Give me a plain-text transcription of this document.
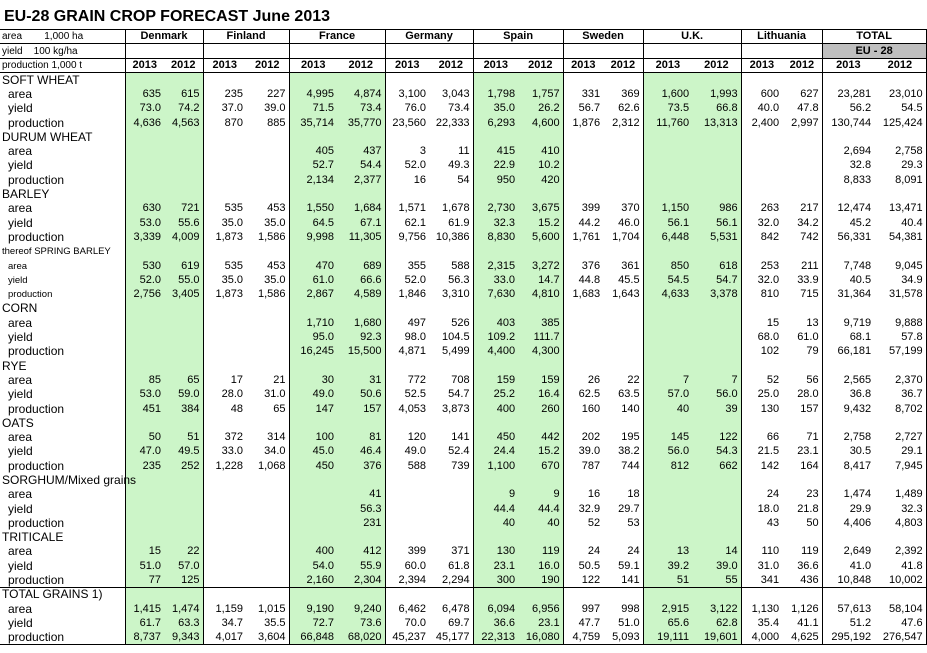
EU-28 GRAIN CROP FORECAST June 2013
area        1,000 ha	Denmark		Finland		France		Germany		Spain		Sweden		U.K.		Lithuania		TOTAL	
yield    100 kg/ha																	EU - 28	
production 1,000 t	2013	2012	2013	2012	2013	2012	2013	2012	2013	2012	2013	2012	2013	2012	2013	2012	2013	2012
SOFT WHEAT																		
area	635	615	235	227	4,995	4,874	3,100	3,043	1,798	1,757	331	369	1,600	1,993	600	627	23,281	23,010
yield	73.0	74.2	37.0	39.0	71.5	73.4	76.0	73.4	35.0	26.2	56.7	62.6	73.5	66.8	40.0	47.8	56.2	54.5
production	4,636	4,563	870	885	35,714	35,770	23,560	22,333	6,293	4,600	1,876	2,312	11,760	13,313	2,400	2,997	130,744	125,424
DURUM WHEAT																		
area					405	437	3	11	415	410							2,694	2,758
yield					52.7	54.4	52.0	49.3	22.9	10.2							32.8	29.3
production					2,134	2,377	16	54	950	420							8,833	8,091
BARLEY																		
area	630	721	535	453	1,550	1,684	1,571	1,678	2,730	3,675	399	370	1,150	986	263	217	12,474	13,471
yield	53.0	55.6	35.0	35.0	64.5	67.1	62.1	61.9	32.3	15.2	44.2	46.0	56.1	56.1	32.0	34.2	45.2	40.4
production	3,339	4,009	1,873	1,586	9,998	11,305	9,756	10,386	8,830	5,600	1,761	1,704	6,448	5,531	842	742	56,331	54,381
thereof SPRING BARLEY																		
area	530	619	535	453	470	689	355	588	2,315	3,272	376	361	850	618	253	211	7,748	9,045
yield	52.0	55.0	35.0	35.0	61.0	66.6	52.0	56.3	33.0	14.7	44.8	45.5	54.5	54.7	32.0	33.9	40.5	34.9
production	2,756	3,405	1,873	1,586	2,867	4,589	1,846	3,310	7,630	4,810	1,683	1,643	4,633	3,378	810	715	31,364	31,578
CORN																		
area					1,710	1,680	497	526	403	385					15	13	9,719	9,888
yield					95.0	92.3	98.0	104.5	109.2	111.7					68.0	61.0	68.1	57.8
production					16,245	15,500	4,871	5,499	4,400	4,300					102	79	66,181	57,199
RYE																		
area	85	65	17	21	30	31	772	708	159	159	26	22	7	7	52	56	2,565	2,370
yield	53.0	59.0	28.0	31.0	49.0	50.6	52.5	54.7	25.2	16.4	62.5	63.5	57.0	56.0	25.0	28.0	36.8	36.7
production	451	384	48	65	147	157	4,053	3,873	400	260	160	140	40	39	130	157	9,432	8,702
OATS																		
area	50	51	372	314	100	81	120	141	450	442	202	195	145	122	66	71	2,758	2,727
yield	47.0	49.5	33.0	34.0	45.0	46.4	49.0	52.4	24.4	15.2	39.0	38.2	56.0	54.3	21.5	23.1	30.5	29.1
production	235	252	1,228	1,068	450	376	588	739	1,100	670	787	744	812	662	142	164	8,417	7,945
SORGHUM/Mixed grains																		
area						41			9	9	16	18			24	23	1,474	1,489
yield						56.3			44.4	44.4	32.9	29.7			18.0	21.8	29.9	32.3
production						231			40	40	52	53			43	50	4,406	4,803
TRITICALE																		
area	15	22			400	412	399	371	130	119	24	24	13	14	110	119	2,649	2,392
yield	51.0	57.0			54.0	55.9	60.0	61.8	23.1	16.0	50.5	59.1	39.2	39.0	31.0	36.6	41.0	41.8
production	77	125			2,160	2,304	2,394	2,294	300	190	122	141	51	55	341	436	10,848	10,002
TOTAL GRAINS 1)																		
area	1,415	1,474	1,159	1,015	9,190	9,240	6,462	6,478	6,094	6,956	997	998	2,915	3,122	1,130	1,126	57,613	58,104
yield	61.7	63.3	34.7	35.5	72.7	73.6	70.0	69.7	36.6	23.1	47.7	51.0	65.6	62.8	35.4	41.1	51.2	47.6
production	8,737	9,343	4,017	3,604	66,848	68,020	45,237	45,177	22,313	16,080	4,759	5,093	19,111	19,601	4,000	4,625	295,192	276,547
